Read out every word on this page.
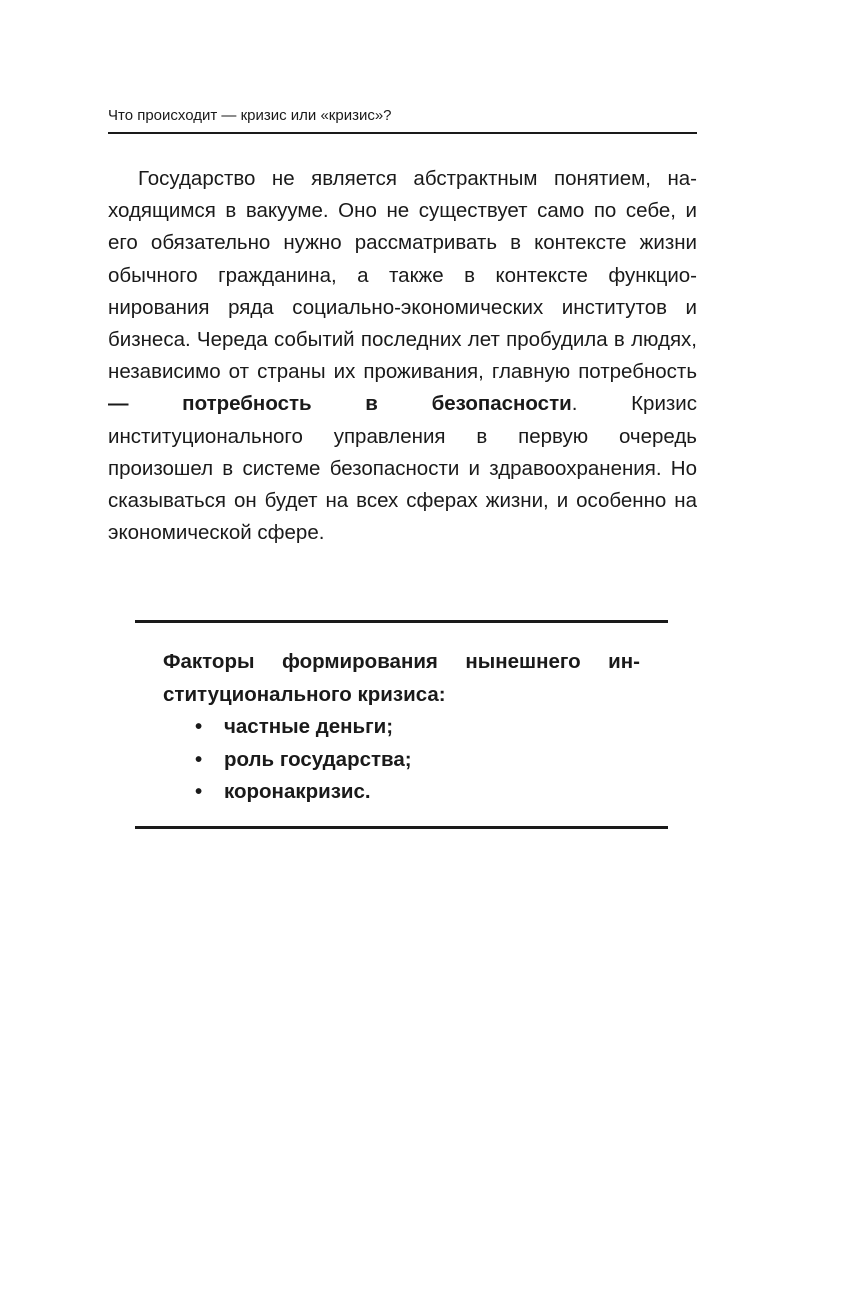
Что происходит — кризис или «кризис»?

Государство не является абстрактным понятием, находящимся в вакууме. Оно не существует само по себе, и его обязательно нужно рассматривать в контексте жизни обычного гражданина, а также в контексте функционирования ряда социально-экономических институтов и бизнеса. Череда событий последних лет пробудила в людях, независимо от страны их проживания, главную потребность — потребность в безопасности. Кризис институционального управления в первую очередь произошел в системе безопасности и здравоохранения. Но сказываться он будет на всех сферах жизни, и особенно на экономической сфере.

Факторы формирования нынешнего институционального кризиса:

• частные деньги;
• роль государства;
• коронакризис.
